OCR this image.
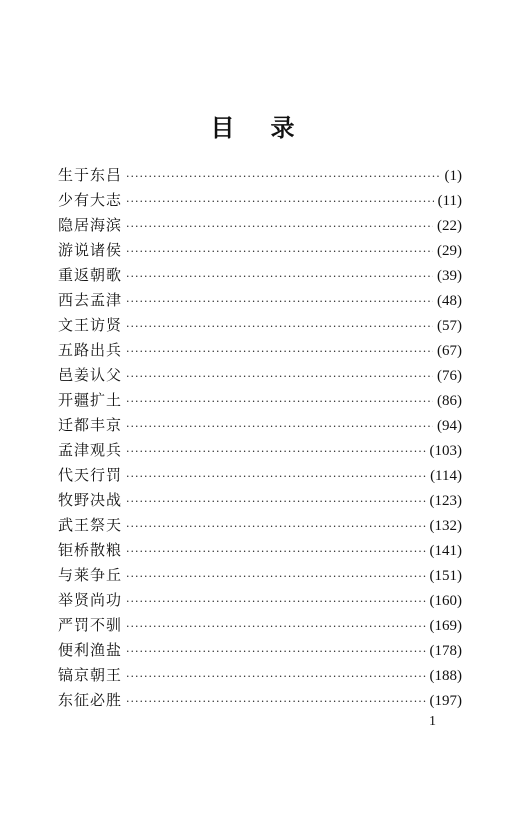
目录
生于东吕 ·····	(1)
少有大志 ·····	(11)
隐居海滨 ·····	(22)
游说诸侯 ·····	(29)
重返朝歌 ·····	(39)
西去孟津 ·····	(48)
文王访贤 ·····	(57)
五路出兵 ·····	(67)
邑姜认父 ·····	(76)
开疆扩土 ·····	(86)
迁都丰京 ·····	(94)
孟津观兵 ·····	(103)
代天行罚 ·····	(114)
牧野决战 ·····	(123)
武王祭天 ·····	(132)
钜桥散粮 ·····	(141)
与莱争丘 ·····	(151)
举贤尚功 ·····	(160)
严罚不驯 ·····	(169)
便利渔盐 ·····	(178)
镐京朝王 ·····	(188)
东征必胜 ·····	(197)
1
